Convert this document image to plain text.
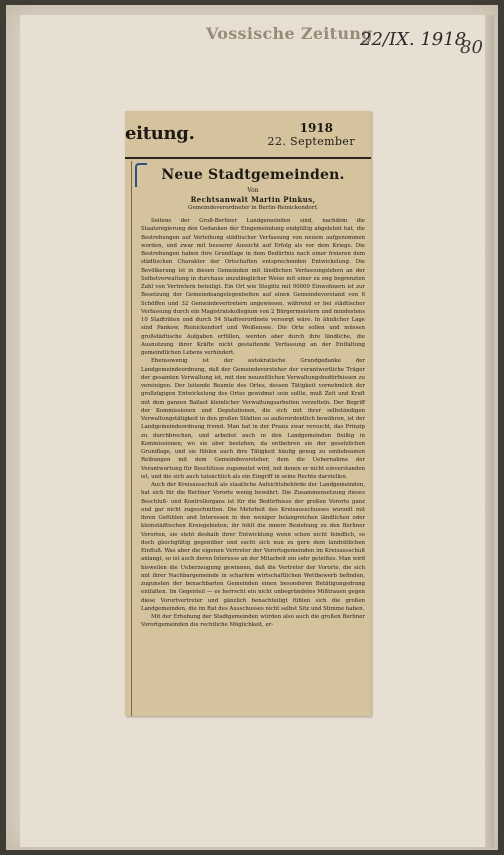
Vossische Zeitung
22/IX. 1918
80
eitung.	1918
22. September
Neue Stadtgemeinden.

Von

Rechtsanwalt Martin Pinkus,

Gemeindeverordneter in Berlin-Reinickendorf.

Seitens der Groß-Berliner Landgemeinden sind, nachdem die Staatsregierung den Gedanken der Eingemeindung endgültig abgelehnt hat, die Bestrebungen auf Verleihung städtischer Verfassung von neuem aufgenommen worden, und zwar mit besserer Aussicht auf Erfolg als vor dem Kriege. Die Bestrebungen haben ihre Grundlage in dem Bedürfnis nach einer freieren dem städtischen Charakter der Ortschaften entsprechenden Entwickelung. Die Bevölkerung ist in diesen Gemeinden mit ländlichen Verfassungsleben an der Selbstverwaltung in durchaus unzulänglicher Weise mit einer zu eng begrenzten Zahl von Vertretern beteiligt. Ein Ort wie Steglitz mit 90000 Einwohnern ist zur Besetzung der Gemeindeangelegenheiten auf einen Gemeindevorstand von 6 Schöffen und 32 Gemeindevertretern angewiesen, während er bei städtischer Verfassung durch ein Magistratskollegium von 2 Bürgermeistern und mindestens 10 Stadträten und durch 54 Stadtverordnete versorgt wäre. In ähnlicher Lage sind Pankow, Reinickendorf und Weißensee. Die Orte sollen und müssen großstädtische Aufgaben erfüllen, werden aber durch ihre ländliche, die Ausnutzung ihrer Kräfte nicht gestattende Verfassung an der Entfaltung gemeindlichen Lebens verhindert.

Ebensowenig ist der autokratische Grundgedanke der Landgemeindeordnung, daß der Gemeindevorsteher der verantwortliche Träger der gesamten Verwaltung ist, mit den neuzeitlichen Verwaltungsbedürfnissen zu vereinigen. Der leitende Beamte des Ortes, dessen Tätigkeit vornehmlich der großzügigen Entwickelung des Ortes gewidmet sein sollte, muß Zeit und Kraft mit dem ganzen Ballast kleinlicher Verwaltungsarbeiten verzetteln. Der Begriff der Kommissionen und Deputationen, die sich mit ihrer selbständigen Verwaltungstätigkeit in den großen Städten so außerordentlich bewähren, ist der Landgemeindeordnung fremd. Man hat in der Praxis zwar versucht, das Prinzip zu durchbrechen, und arbeitet auch in den Landgemeinden fleißig in Kommissionen; wo sie aber bestehen, da entbehren sie der gesetzlichen Grundlage, und sie fühlen auch ihre Tätigkeit häufig genug zu umliebsamen Reibungen mit dem Gemeindevorsteher, dem die Uebernahme der Verantwortung für Beschlüsse zugemutet wird, mit denen er nicht einverstanden ist, und die sich auch tatsächlich als ein Eingriff in seine Rechte darstellen.

Auch der Kreisausschuß als staatliche Aufsichtsbehörde der Landgemeinden, hat sich für die Berliner Vororte wenig bewährt. Die Zusammensetzung dieses Beschluß- und Kontrollorgans ist für die Bedürfnisse der großen Vororte ganz und gar nicht zugeschnitten. Die Mehrheit des Kreisausschusses wurzelt mit ihren Gefühlen und Interessen in den weniger belangreichen ländlichen oder kleinstädtischen Kreisgebieten; ihr fehlt die innere Beziehung zu den Berliner Vororten, sie steht deshalb ihrer Entwicklung wenn schon nicht feindlich, so doch gleichgültig gegenüber und sucht sich nun zu gern dem landrätlichen Einfluß. Was aber die eigenen Vertreter der Vorortsgemeinden im Kreisausschuß anlangt, so ist auch deren Interesse an der Mitarbeit ein sehr geteiltes. Man wird bisweilen die Ueberzeugung gewinnen, daß die Vertreter der Vororte, die sich mit ihrer Nachbargemeinde in scharfem wirtschaftlichen Wettbewerb befinden, zugunsten der benachbarten Gemeinden einen besonderen Betätigungsdrang entfalten. Im Gegenteil — es herrscht ein nicht unbegründetes Mißtrauen gegen diese Vorortvertreter und gänzlich benachteiligt fühlen sich die großen Landgemeinden, die im Rat des Ausschusses nicht selbst Sitz und Stimme haben.

Mit der Erhebung der Stadtgemeinden würden also auch die großen Berliner Vorortgemeinden die rechtliche Möglichkeit, er-
